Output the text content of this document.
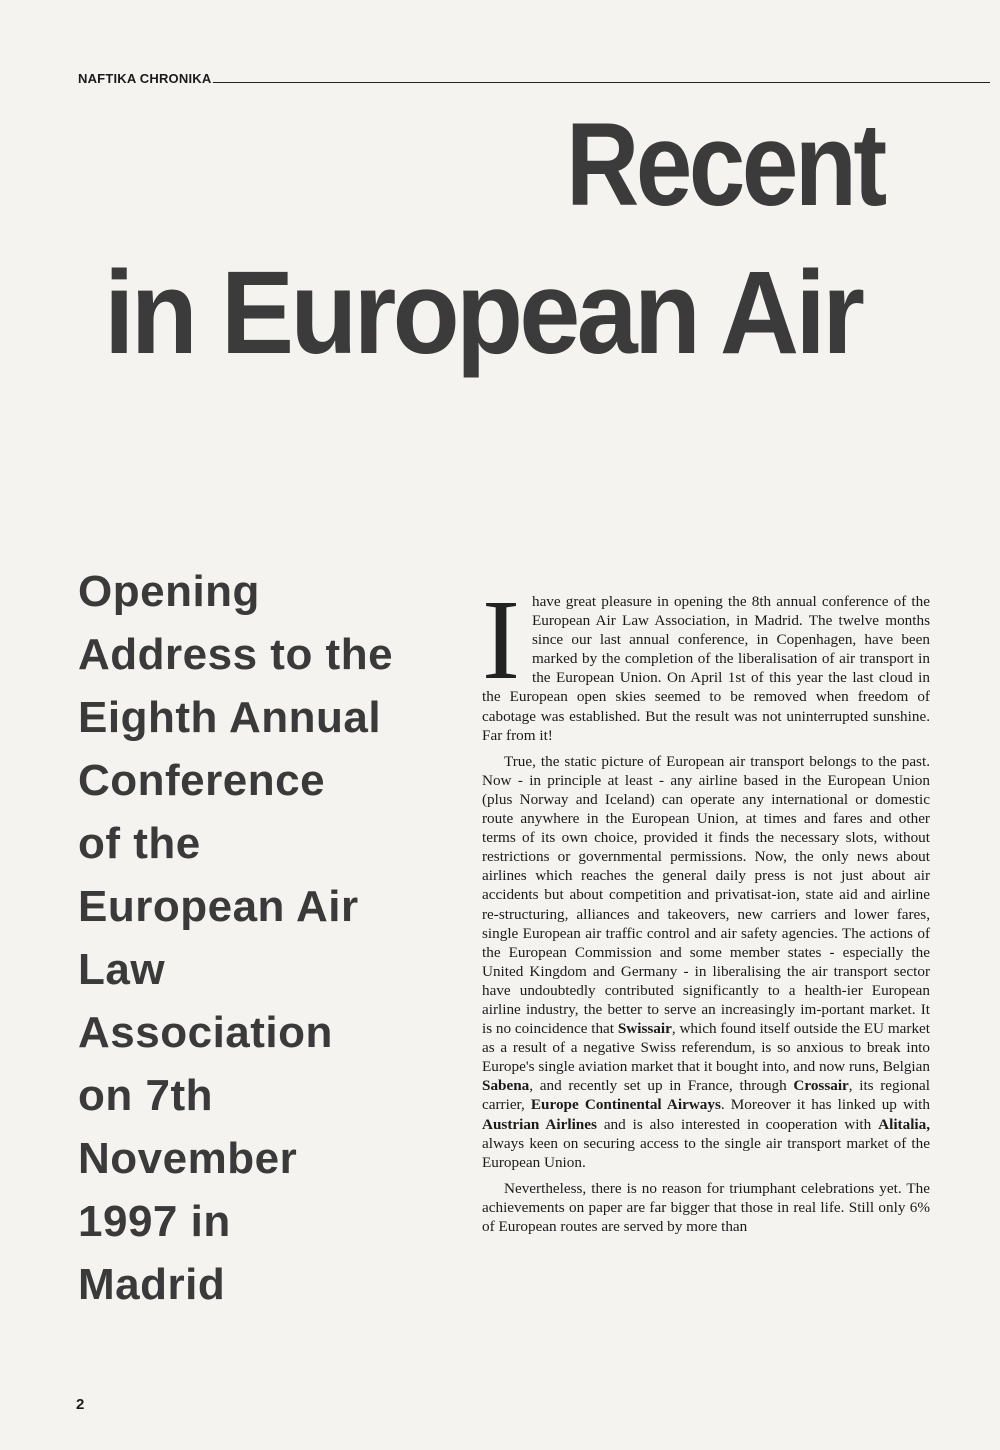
NAFTIKA CHRONIKA
Recent
in European Air
Opening
Address to the
Eighth Annual
Conference
of the
European Air
Law
Association
on 7th
November
1997 in
Madrid

I have great pleasure in opening the 8th annual conference of the European Air Law Association, in Madrid. The twelve months since our last annual conference, in Copenhagen, have been marked by the completion of the liberalisation of air transport in the European Union. On April 1st of this year the last cloud in the European open skies seemed to be removed when freedom of cabotage was established. But the result was not uninterrupted sunshine. Far from it!

True, the static picture of European air transport belongs to the past. Now - in principle at least - any airline based in the European Union (plus Norway and Iceland) can operate any international or domestic route anywhere in the European Union, at times and fares and other terms of its own choice, provided it finds the necessary slots, without restrictions or governmental permissions. Now, the only news about airlines which reaches the general daily press is not just about air accidents but about competition and privatisat-ion, state aid and airline re-structuring, alliances and takeovers, new carriers and lower fares, single European air traffic control and air safety agencies. The actions of the European Commission and some member states - especially the United Kingdom and Germany - in liberalising the air transport sector have undoubtedly contributed significantly to a health-ier European airline industry, the better to serve an increasingly im-portant market. It is no coincidence that Swissair, which found itself outside the EU market as a result of a negative Swiss referendum, is so anxious to break into Europe's single aviation market that it bought into, and now runs, Belgian Sabena, and recently set up in France, through Crossair, its regional carrier, Europe Continental Airways. Moreover it has linked up with Austrian Airlines and is also interested in cooperation with Alitalia, always keen on securing access to the single air transport market of the European Union.

Nevertheless, there is no reason for triumphant celebrations yet. The achievements on paper are far bigger that those in real life. Still only 6% of European routes are served by more than

2
